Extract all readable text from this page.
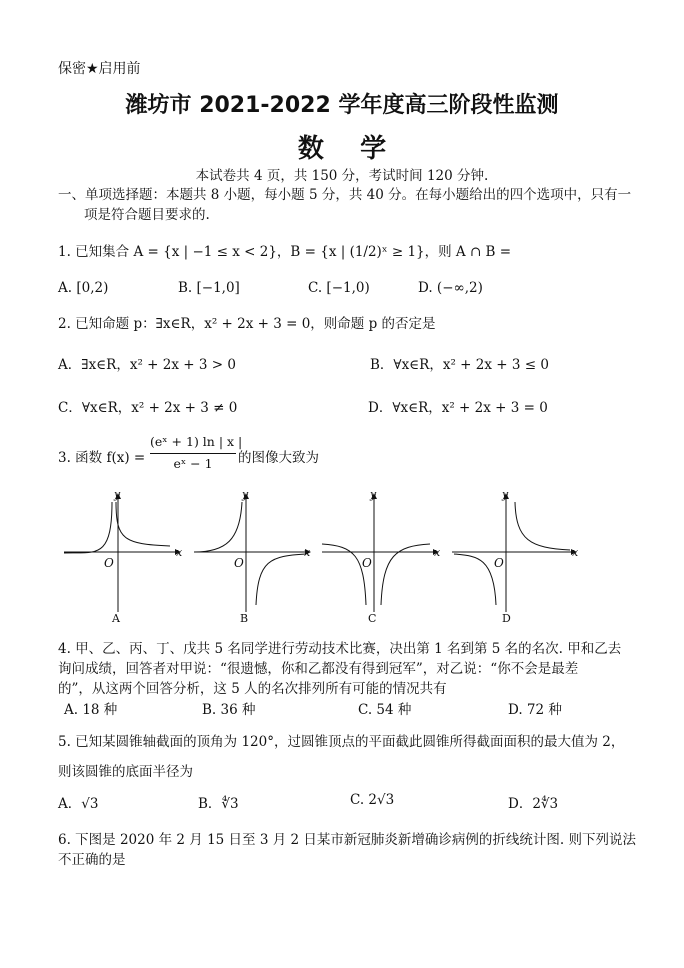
保密★启用前
潍坊市 2021-2022 学年度高三阶段性监测
数    学
本试卷共 4 页，共 150 分，考试时间 120 分钟.
一、单项选择题：本题共 8 小题，每小题 5 分，共 40 分。在每小题给出的四个选项中，只有一
项是符合题目要求的.
1. 已知集合 A = {x | −1 ≤ x < 2}，B = {x | (1/2)ˣ ≥ 1}，则 A ∩ B =
A. [0,2)	B. [−1,0]	C. [−1,0)	D. (−∞,2)
2. 已知命题 p：∃x∈R，x² + 2x + 3 = 0，则命题 p 的否定是
A．∃x∈R，x² + 2x + 3 > 0	B．∀x∈R，x² + 2x + 3 ≤ 0
C．∀x∈R，x² + 2x + 3 ≠ 0	D．∀x∈R，x² + 2x + 3 = 0
3. 函数 f(x) =
(eˣ + 1) ln | x |
eˣ − 1	的图像大致为
y
x
O
A
y
x
O
B
y
x
O
C
y
x
O
D
4. 甲、乙、丙、丁、戊共 5 名同学进行劳动技术比赛，决出第 1 名到第 5 名的名次. 甲和乙去
询问成绩，回答者对甲说：“很遗憾，你和乙都没有得到冠军”，对乙说：“你不会是最差
的”，从这两个回答分析，这 5 人的名次排列所有可能的情况共有
A. 18 种	B. 36 种	C. 54 种	D. 72 种
5. 已知某圆锥轴截面的顶角为 120°，过圆锥顶点的平面截此圆锥所得截面面积的最大值为 2，
则该圆锥的底面半径为
A．√3	B．∜3	C. 2√3	D．2∜3
6. 下图是 2020 年 2 月 15 日至 3 月 2 日某市新冠肺炎新增确诊病例的折线统计图. 则下列说法
不正确的是
